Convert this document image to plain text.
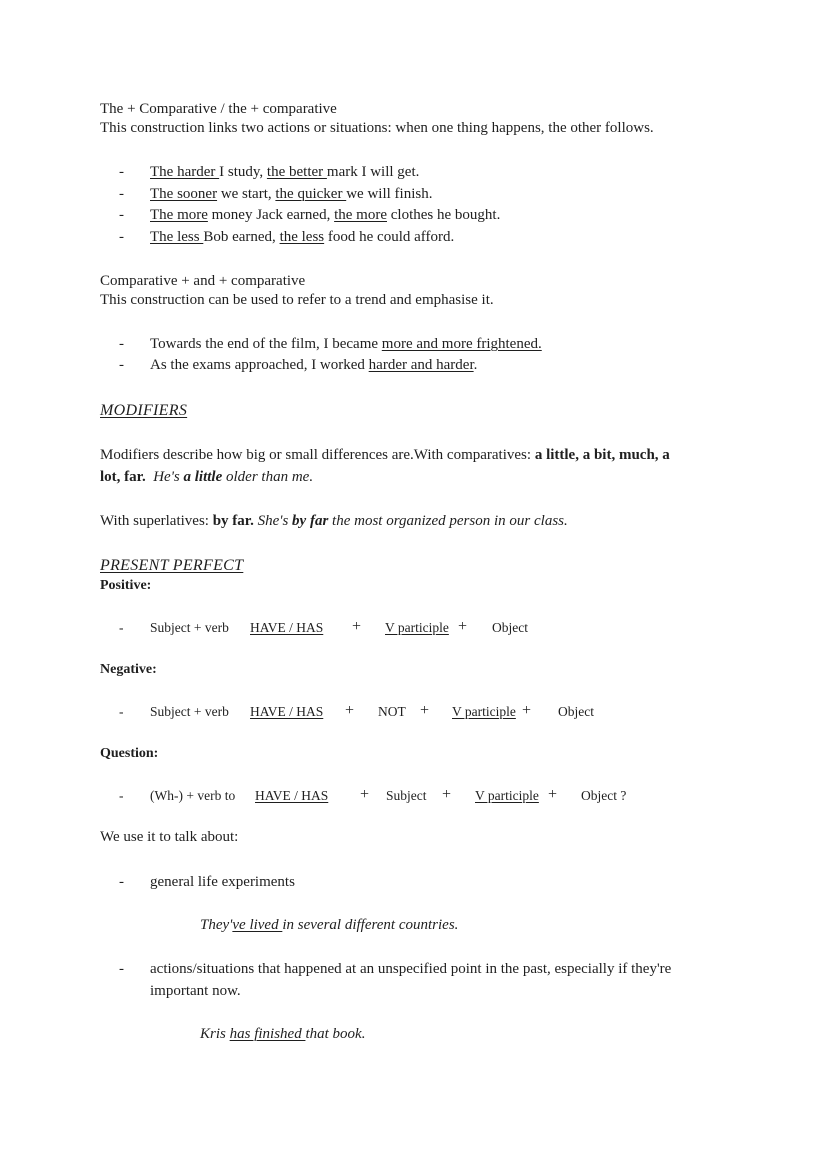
The + Comparative / the + comparative
This construction links two actions or situations: when one thing happens, the other follows.
- The harder I study, the better mark I will get.
- The sooner we start, the quicker we will finish.
- The more money Jack earned, the more clothes he bought.
- The less Bob earned, the less food he could afford.
Comparative + and + comparative
This construction can be used to refer to a trend and emphasise it.
- Towards the end of the film, I became more and more frightened.
- As the exams approached, I worked harder and harder.
MODIFIERS
Modifiers describe how big or small differences are.With comparatives: a little, a bit, much, a
lot, far. He's a little older than me.
With superlatives: by far. She's by far the most organized person in our class.
PRESENT PERFECT
Positive:
- Subject + verb HAVE / HAS + V participle + Object
Negative:
- Subject + verb HAVE / HAS + NOT + V participle + Object
Question:
- (Wh-) + verb to HAVE / HAS + Subject + V participle + Object ?
We use it to talk about:
- general life experiments
They've lived in several different countries.
- actions/situations that happened at an unspecified point in the past, especially if they're
important now.
Kris has finished that book.
